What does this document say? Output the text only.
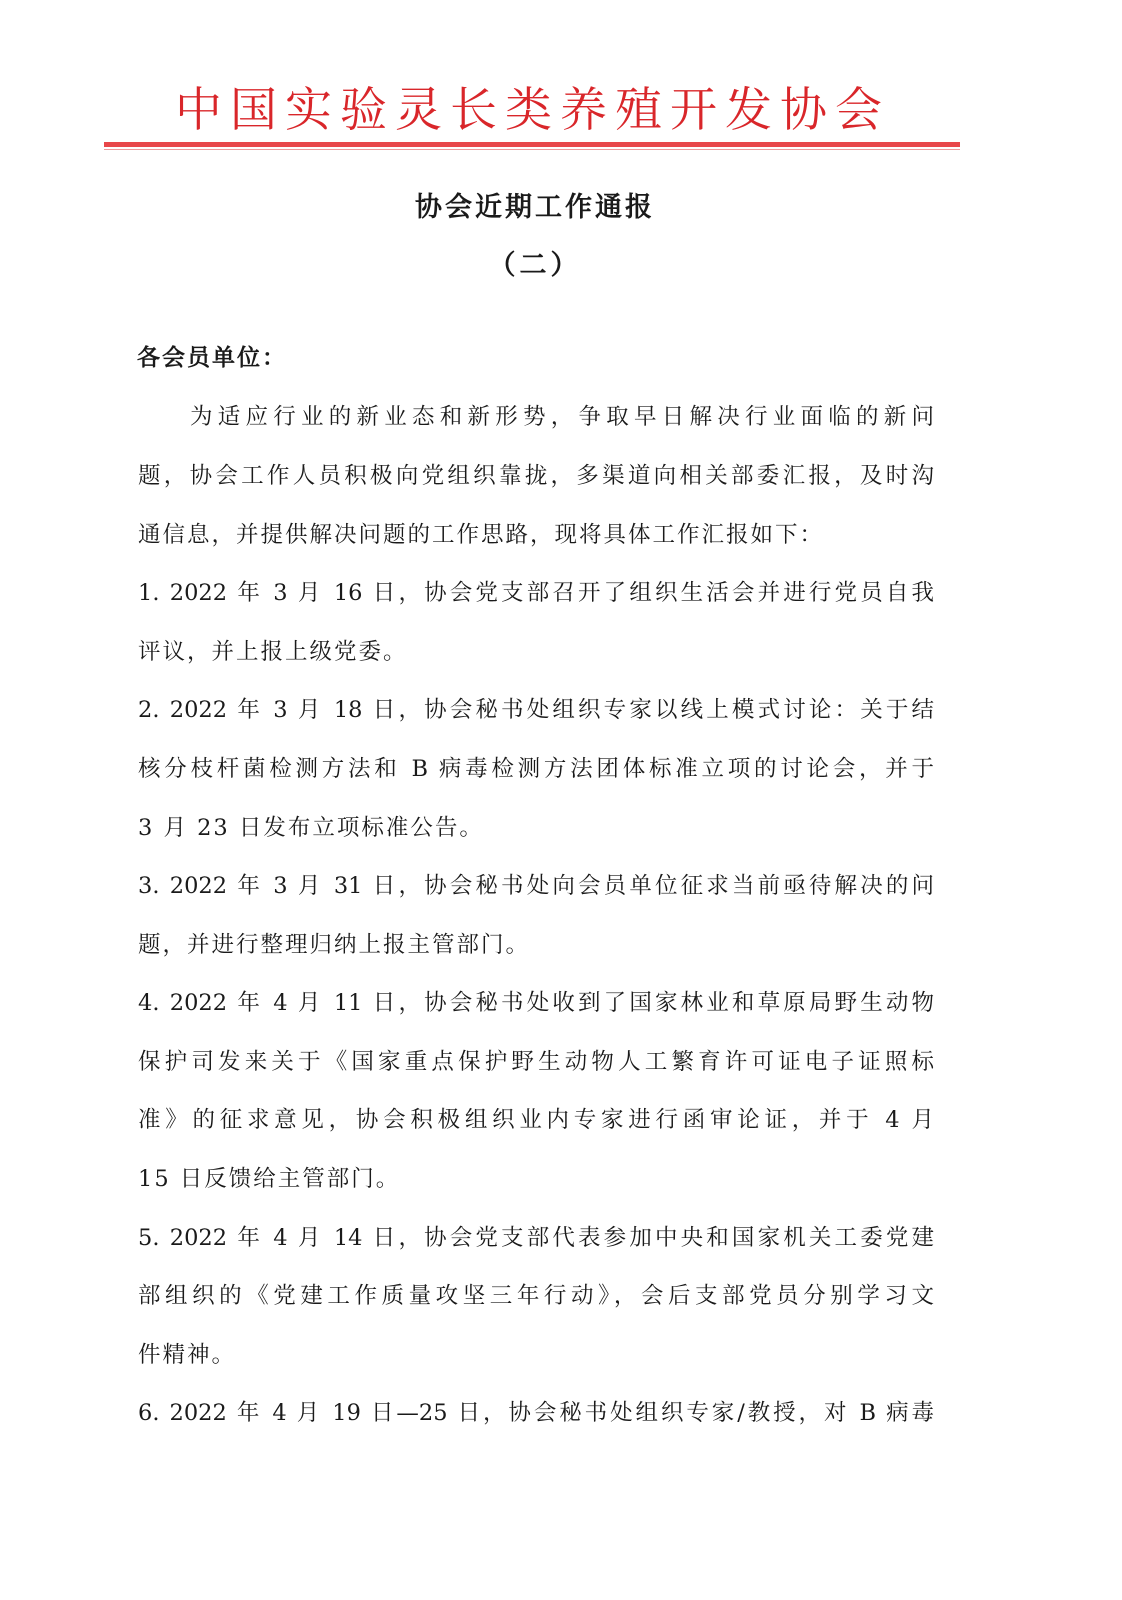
中国实验灵长类养殖开发协会
协会近期工作通报
（二）
各会员单位：
为适应行业的新业态和新形势，争取早日解决行业面临的新问
题，协会工作人员积极向党组织靠拢，多渠道向相关部委汇报，及时沟
通信息，并提供解决问题的工作思路，现将具体工作汇报如下：
1. 2022 年 3 月 16 日，协会党支部召开了组织生活会并进行党员自我
评议，并上报上级党委。
2. 2022 年 3 月 18 日，协会秘书处组织专家以线上模式讨论：关于结
核分枝杆菌检测方法和 B 病毒检测方法团体标准立项的讨论会，并于
3 月 23 日发布立项标准公告。
3. 2022 年 3 月 31 日，协会秘书处向会员单位征求当前亟待解决的问
题，并进行整理归纳上报主管部门。
4. 2022 年 4 月 11 日，协会秘书处收到了国家林业和草原局野生动物
保护司发来关于《国家重点保护野生动物人工繁育许可证电子证照标
准》的征求意见，协会积极组织业内专家进行函审论证，并于 4 月
15 日反馈给主管部门。
5. 2022 年 4 月 14 日，协会党支部代表参加中央和国家机关工委党建
部组织的《党建工作质量攻坚三年行动》，会后支部党员分别学习文
件精神。
6. 2022 年 4 月 19 日—25 日，协会秘书处组织专家/教授，对 B 病毒
